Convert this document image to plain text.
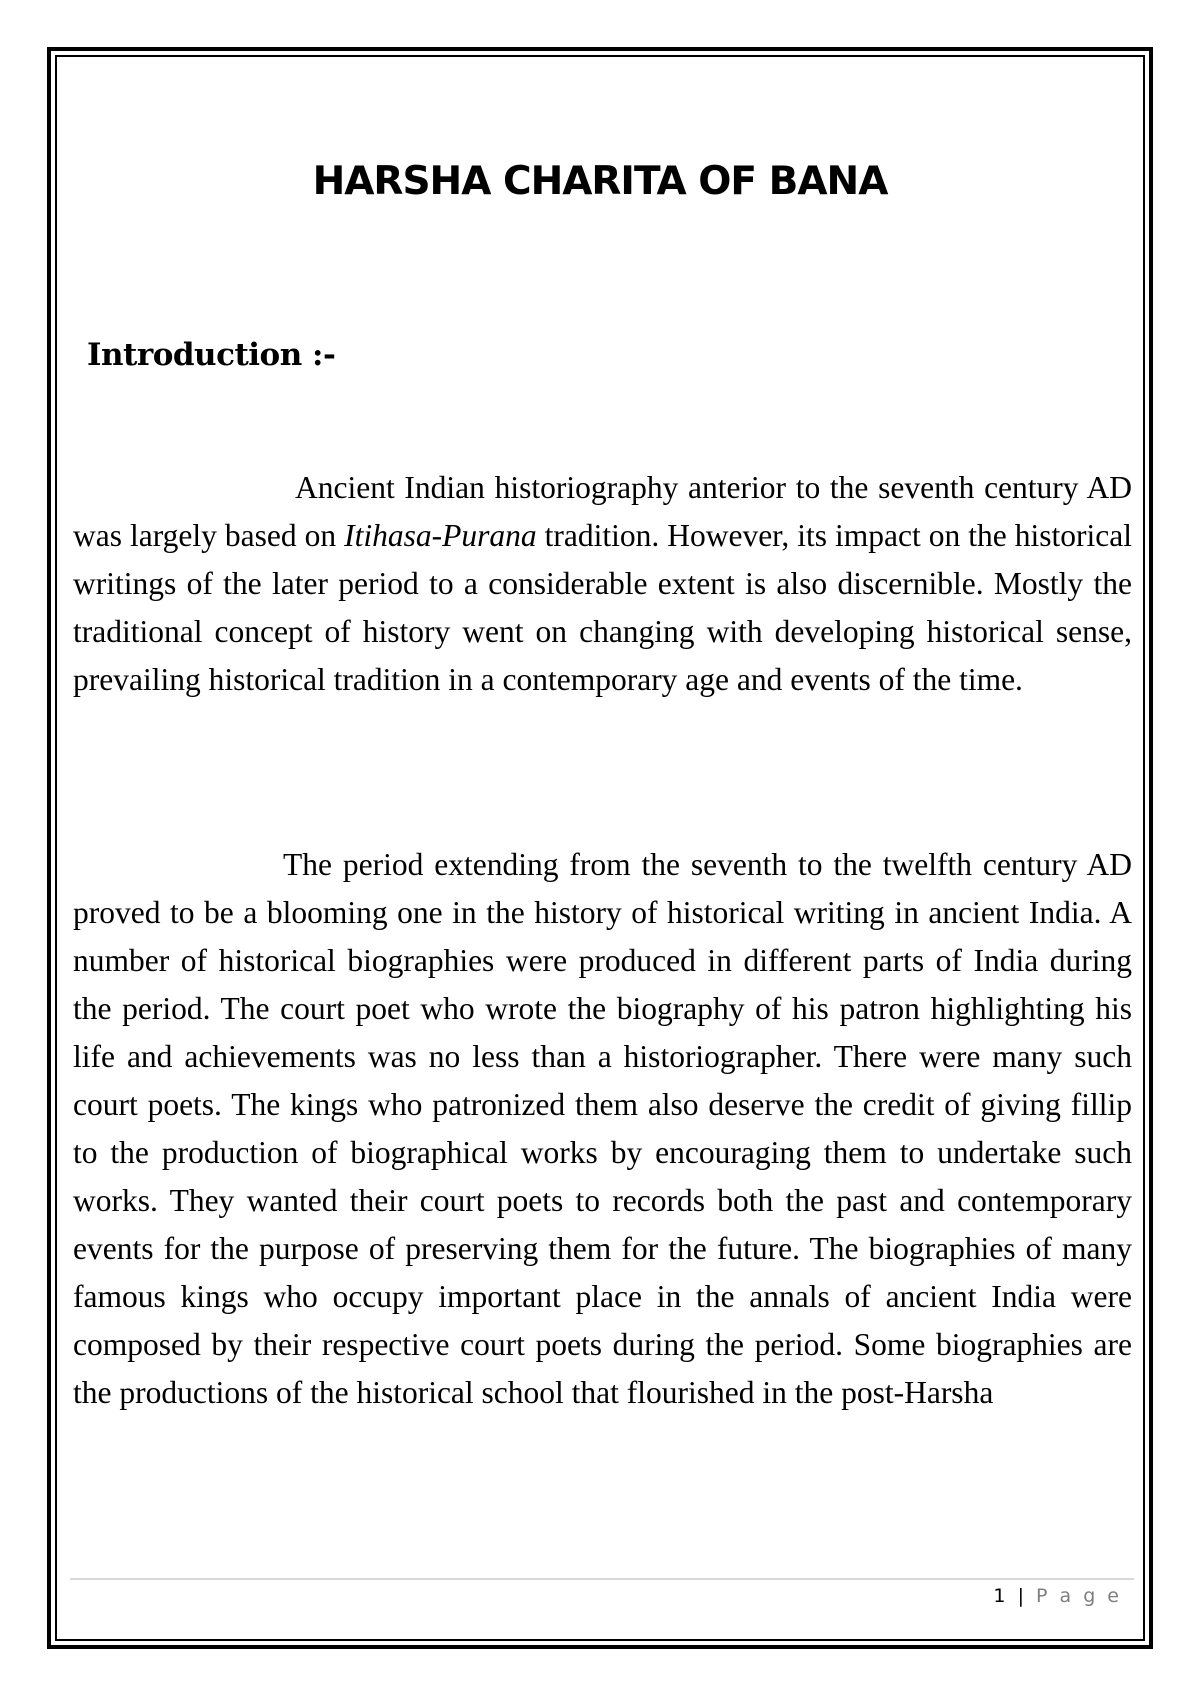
HARSHA CHARITA OF BANA
Introduction :-

Ancient Indian historiography anterior to the seventh century AD was largely based on Itihasa-Purana tradition. However, its impact on the historical writings of the later period to a considerable extent is also discernible. Mostly the traditional concept of history went on changing with developing historical sense, prevailing historical tradition in a contemporary age and events of the time.

The period extending from the seventh to the twelfth century AD proved to be a blooming one in the history of historical writing in ancient India. A number of historical biographies were produced in different parts of India during the period. The court poet who wrote the biography of his patron highlighting his life and achievements was no less than a historiographer. There were many such court poets. The kings who patronized them also deserve the credit of giving fillip to the production of biographical works by encouraging them to undertake such works. They wanted their court poets to records both the past and contemporary events for the purpose of preserving them for the future. The biographies of many famous kings who occupy important place in the annals of ancient India were composed by their respective court poets during the period. Some biographies are the productions of the historical school that flourished in the post-Harsha

1 | P a g e
